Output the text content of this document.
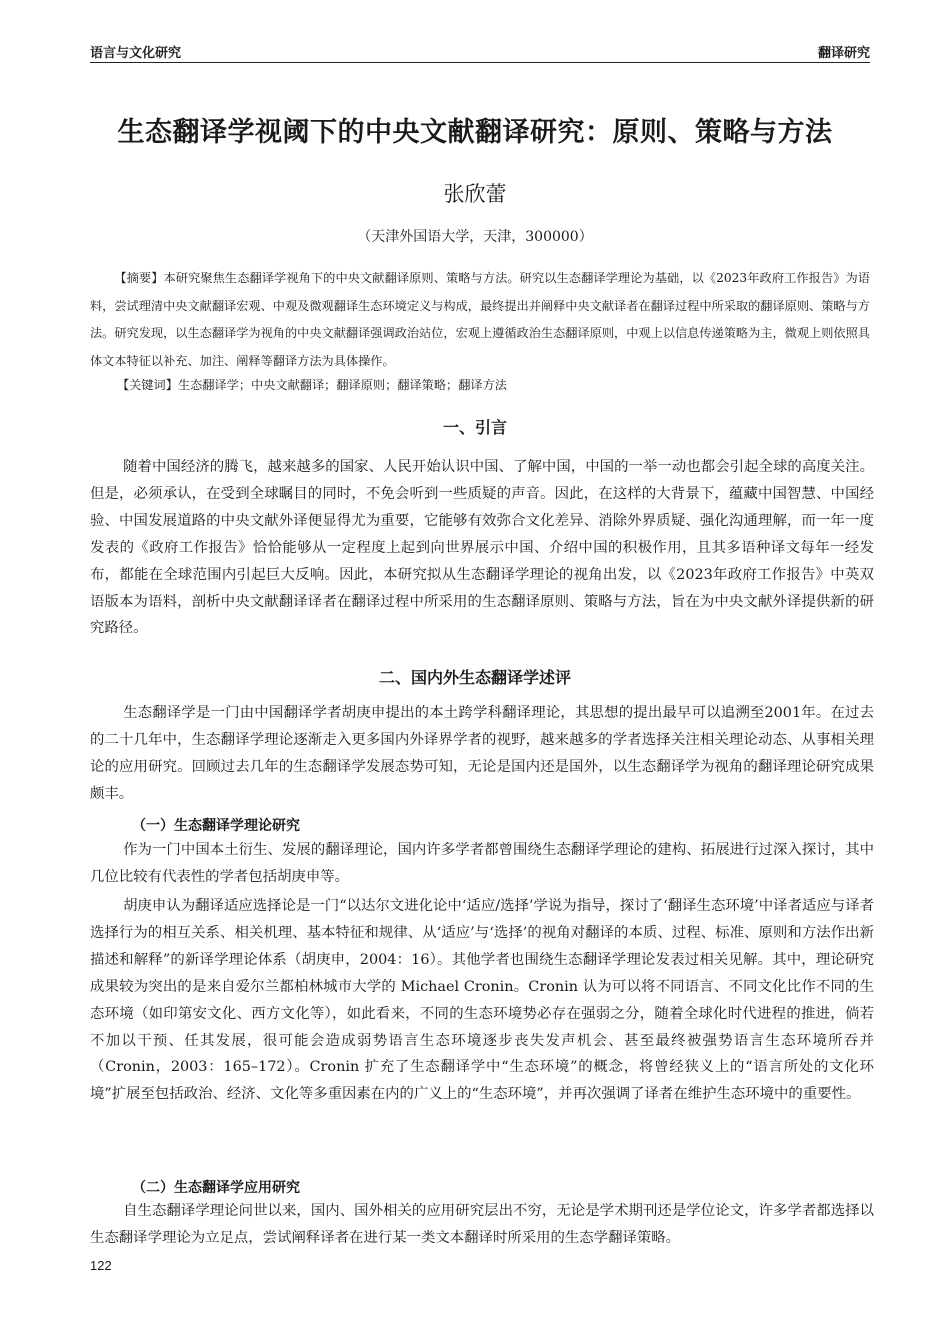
语言与文化研究	翻译研究
生态翻译学视阈下的中央文献翻译研究：原则、策略与方法
张欣蕾
（天津外国语大学，天津，300000）
【摘要】本研究聚焦生态翻译学视角下的中央文献翻译原则、策略与方法。研究以生态翻译学理论为基础，以《2023年政府工作报告》为语料，尝试理清中央文献翻译宏观、中观及微观翻译生态环境定义与构成，最终提出并阐释中央文献译者在翻译过程中所采取的翻译原则、策略与方法。研究发现，以生态翻译学为视角的中央文献翻译强调政治站位，宏观上遵循政治生态翻译原则，中观上以信息传递策略为主，微观上则依照具体文本特征以补充、加注、阐释等翻译方法为具体操作。
【关键词】生态翻译学；中央文献翻译；翻译原则；翻译策略；翻译方法
一、引言
随着中国经济的腾飞，越来越多的国家、人民开始认识中国、了解中国，中国的一举一动也都会引起全球的高度关注。但是，必须承认，在受到全球瞩目的同时，不免会听到一些质疑的声音。因此，在这样的大背景下，蕴藏中国智慧、中国经验、中国发展道路的中央文献外译便显得尤为重要，它能够有效弥合文化差异、消除外界质疑、强化沟通理解，而一年一度发表的《政府工作报告》恰恰能够从一定程度上起到向世界展示中国、介绍中国的积极作用，且其多语种译文每年一经发布，都能在全球范围内引起巨大反响。因此，本研究拟从生态翻译学理论的视角出发，以《2023年政府工作报告》中英双语版本为语料，剖析中央文献翻译译者在翻译过程中所采用的生态翻译原则、策略与方法，旨在为中央文献外译提供新的研究路径。
二、国内外生态翻译学述评
生态翻译学是一门由中国翻译学者胡庚申提出的本土跨学科翻译理论，其思想的提出最早可以追溯至2001年。在过去的二十几年中，生态翻译学理论逐渐走入更多国内外译界学者的视野，越来越多的学者选择关注相关理论动态、从事相关理论的应用研究。回顾过去几年的生态翻译学发展态势可知，无论是国内还是国外，以生态翻译学为视角的翻译理论研究成果颇丰。
（一）生态翻译学理论研究
作为一门中国本土衍生、发展的翻译理论，国内许多学者都曾围绕生态翻译学理论的建构、拓展进行过深入探讨，其中几位比较有代表性的学者包括胡庚申等。
胡庚申认为翻译适应选择论是一门“以达尔文进化论中‘适应/选择’学说为指导，探讨了‘翻译生态环境’中译者适应与译者选择行为的相互关系、相关机理、基本特征和规律、从‘适应’与‘选择’的视角对翻译的本质、过程、标准、原则和方法作出新描述和解释”的新译学理论体系（胡庚申，2004：16）。其他学者也围绕生态翻译学理论发表过相关见解。其中，理论研究成果较为突出的是来自爱尔兰都柏林城市大学的 Michael Cronin。Cronin 认为可以将不同语言、不同文化比作不同的生态环境（如印第安文化、西方文化等），如此看来，不同的生态环境势必存在强弱之分，随着全球化时代进程的推进，倘若不加以干预、任其发展，很可能会造成弱势语言生态环境逐步丧失发声机会、甚至最终被强势语言生态环境所吞并（Cronin，2003：165–172）。Cronin 扩充了生态翻译学中“生态环境”的概念，将曾经狭义上的“语言所处的文化环境”扩展至包括政治、经济、文化等多重因素在内的广义上的“生态环境”，并再次强调了译者在维护生态环境中的重要性。
（二）生态翻译学应用研究
自生态翻译学理论问世以来，国内、国外相关的应用研究层出不穷，无论是学术期刊还是学位论文，许多学者都选择以生态翻译学理论为立足点，尝试阐释译者在进行某一类文本翻译时所采用的生态学翻译策略。
122
